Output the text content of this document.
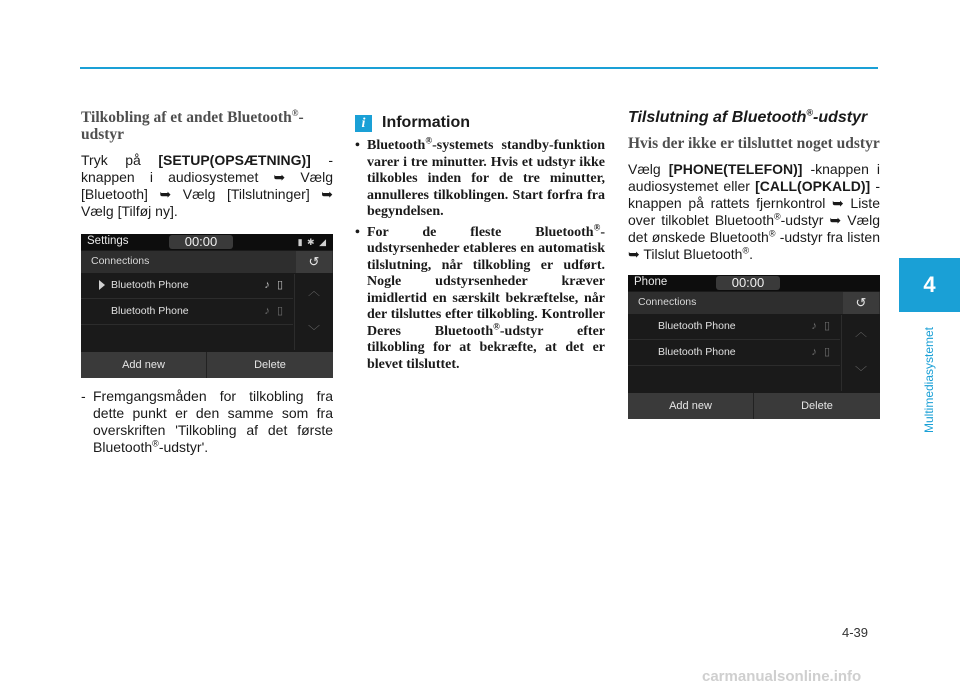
Tilkobling af et andet Bluetooth®-udstyr

Tryk på [SETUP(OPSÆTNING)] -knappen i audiosystemet ➥ Vælg [Bluetooth] ➥ Vælg [Tilslutninger] ➥ Vælg [Tilføj ny].

Settings	00:00	▮ ✱ ◢
Connections	↺
Bluetooth Phone	♪ ▯
Bluetooth Phone	♪ ▯
︿
﹀
Add new	Delete

- Fremgangsmåden for tilkobling fra dette punkt er den samme som fra overskriften 'Tilkobling af det første Bluetooth®-udstyr'.

i	Information
• Bluetooth®-systemets standby-funktion varer i tre minutter. Hvis et udstyr ikke tilkobles inden for de tre minutter, annulleres tilkoblingen. Start forfra fra begyndelsen.
• For de fleste Bluetooth®-udstyrsenheder etableres en automatisk tilslutning, når tilkobling er udført. Nogle udstyrsenheder kræver imidlertid en særskilt bekræftelse, når der tilsluttes efter tilkobling. Kontroller Deres Bluetooth®-udstyr efter tilkobling for at bekræfte, at det er blevet tilsluttet.
Tilslutning af Bluetooth®-udstyr
Hvis der ikke er tilsluttet noget udstyr

Vælg [PHONE(TELEFON)] -knappen i audiosystemet eller [CALL(OPKALD)] -knappen på rattets fjernkontrol ➥ Liste over tilkoblet Bluetooth®-udstyr ➥ Vælg det ønskede Bluetooth® -udstyr fra listen ➥ Tilslut Bluetooth®.

Phone	00:00
Connections	↺
Bluetooth Phone	♪ ▯
Bluetooth Phone	♪ ▯
︿
﹀
Add new	Delete
4
Multimediasystemet
4-39
carmanualsonline.info
